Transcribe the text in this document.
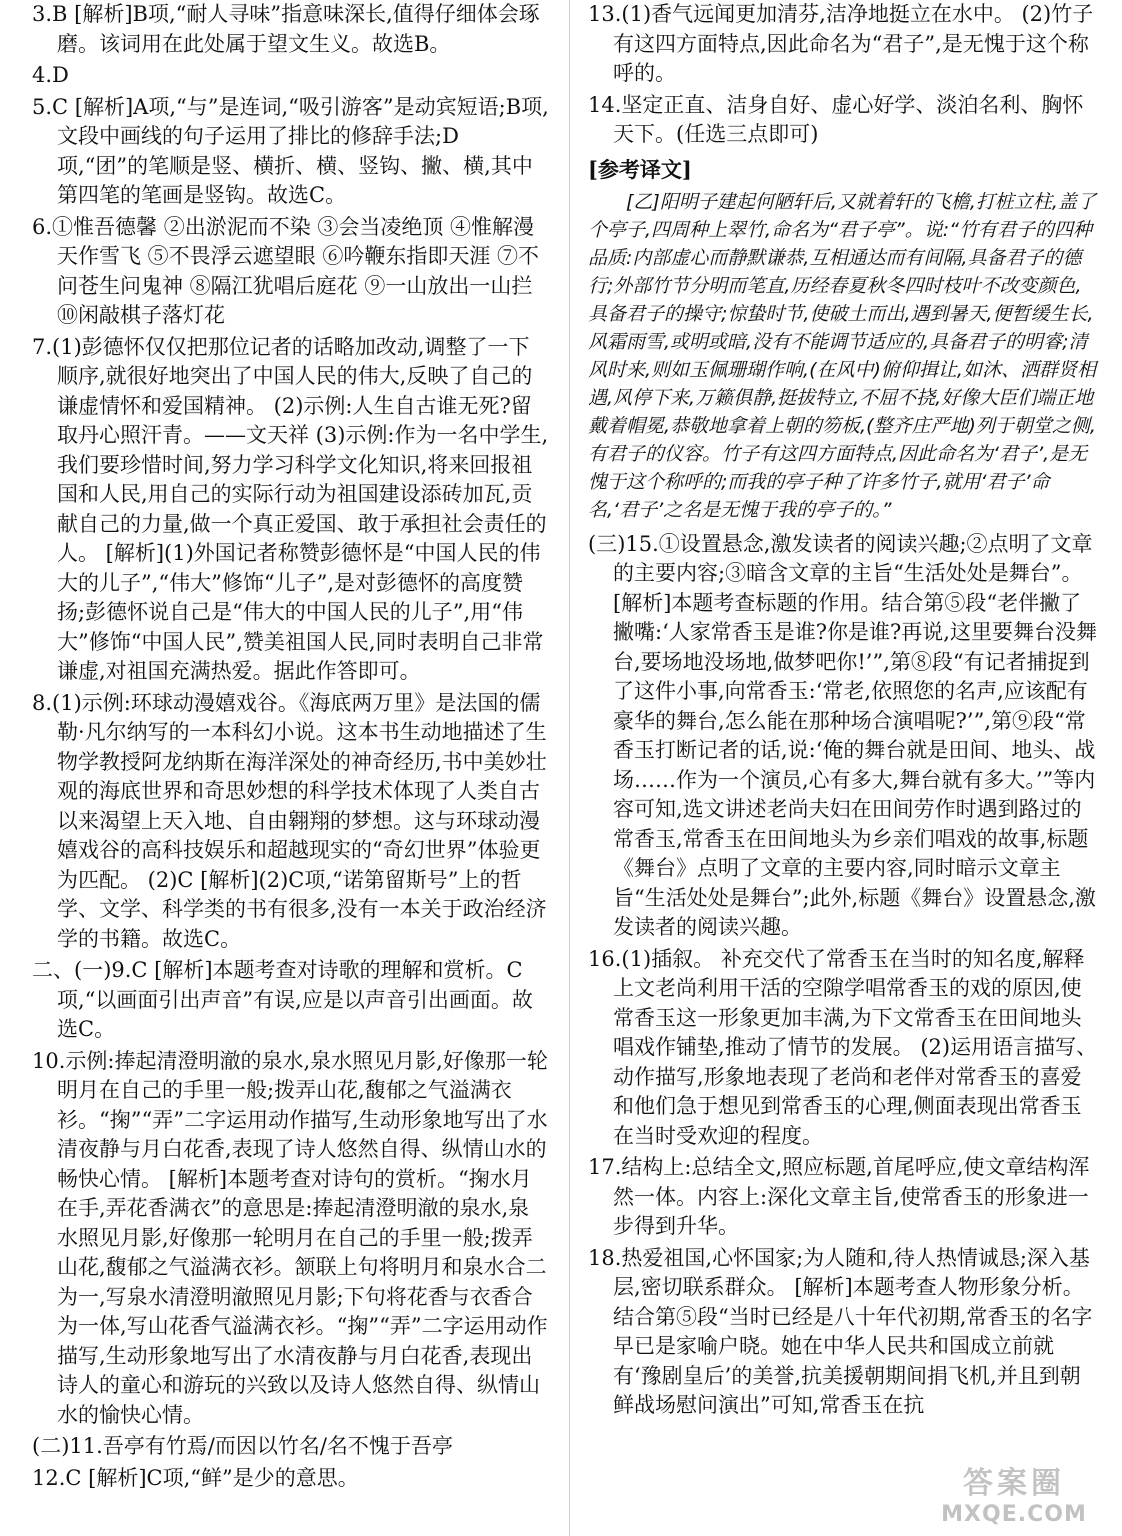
3.B [解析]B项,“耐人寻味”指意味深长,值得仔细体会琢磨。该词用在此处属于望文生义。故选B。

4.D

5.C [解析]A项,“与”是连词,“吸引游客”是动宾短语;B项,文段中画线的句子运用了排比的修辞手法;D项,“团”的笔顺是竖、横折、横、竖钩、撇、横,其中第四笔的笔画是竖钩。故选C。

6.①惟吾德馨 ②出淤泥而不染 ③会当凌绝顶 ④惟解漫天作雪飞 ⑤不畏浮云遮望眼 ⑥吟鞭东指即天涯 ⑦不问苍生问鬼神 ⑧隔江犹唱后庭花 ⑨一山放出一山拦 ⑩闲敲棋子落灯花

7.(1)彭德怀仅仅把那位记者的话略加改动,调整了一下顺序,就很好地突出了中国人民的伟大,反映了自己的谦虚情怀和爱国精神。 (2)示例:人生自古谁无死?留取丹心照汗青。——文天祥 (3)示例:作为一名中学生,我们要珍惜时间,努力学习科学文化知识,将来回报祖国和人民,用自己的实际行动为祖国建设添砖加瓦,贡献自己的力量,做一个真正爱国、敢于承担社会责任的人。 [解析](1)外国记者称赞彭德怀是“中国人民的伟大的儿子”,“伟大”修饰“儿子”,是对彭德怀的高度赞扬;彭德怀说自己是“伟大的中国人民的儿子”,用“伟大”修饰“中国人民”,赞美祖国人民,同时表明自己非常谦虚,对祖国充满热爱。据此作答即可。

8.(1)示例:环球动漫嬉戏谷。《海底两万里》是法国的儒勒·凡尔纳写的一本科幻小说。这本书生动地描述了生物学教授阿龙纳斯在海洋深处的神奇经历,书中美妙壮观的海底世界和奇思妙想的科学技术体现了人类自古以来渴望上天入地、自由翱翔的梦想。这与环球动漫嬉戏谷的高科技娱乐和超越现实的“奇幻世界”体验更为匹配。 (2)C [解析](2)C项,“诺第留斯号”上的哲学、文学、科学类的书有很多,没有一本关于政治经济学的书籍。故选C。

二、(一)9.C [解析]本题考查对诗歌的理解和赏析。C项,“以画面引出声音”有误,应是以声音引出画面。故选C。

10.示例:捧起清澄明澈的泉水,泉水照见月影,好像那一轮明月在自己的手里一般;拨弄山花,馥郁之气溢满衣衫。“掬”“弄”二字运用动作描写,生动形象地写出了水清夜静与月白花香,表现了诗人悠然自得、纵情山水的畅快心情。 [解析]本题考查对诗句的赏析。“掬水月在手,弄花香满衣”的意思是:捧起清澄明澈的泉水,泉水照见月影,好像那一轮明月在自己的手里一般;拨弄山花,馥郁之气溢满衣衫。颔联上句将明月和泉水合二为一,写泉水清澄明澈照见月影;下句将花香与衣香合为一体,写山花香气溢满衣衫。“掬”“弄”二字运用动作描写,生动形象地写出了水清夜静与月白花香,表现出诗人的童心和游玩的兴致以及诗人悠然自得、纵情山水的愉快心情。

(二)11.吾亭有竹焉/而因以竹名/名不愧于吾亭

12.C [解析]C项,“鲜”是少的意思。

13.(1)香气远闻更加清芬,洁净地挺立在水中。 (2)竹子有这四方面特点,因此命名为“君子”,是无愧于这个称呼的。

14.坚定正直、洁身自好、虚心好学、淡泊名利、胸怀天下。(任选三点即可)

[参考译文]

[乙]阳明子建起何陋轩后,又就着轩的飞檐,打桩立柱,盖了个亭子,四周种上翠竹,命名为“君子亭”。说:“竹有君子的四种品质:内部虚心而静默谦恭,互相通达而有间隔,具备君子的德行;外部竹节分明而笔直,历经春夏秋冬四时枝叶不改变颜色,具备君子的操守;惊蛰时节,使破土而出,遇到暑天,便暂缓生长,风霜雨雪,或明或暗,没有不能调节适应的,具备君子的明睿;清风时来,则如玉佩珊瑚作响,(在风中)俯仰揖让,如沐、洒群贤相遇,风停下来,万籁俱静,挺拔特立,不屈不挠,好像大臣们端正地戴着帽冕,恭敬地拿着上朝的笏板,(整齐庄严地)列于朝堂之侧,有君子的仪容。竹子有这四方面特点,因此命名为‘君子’,是无愧于这个称呼的;而我的亭子种了许多竹子,就用‘君子’命名,‘君子’之名是无愧于我的亭子的。”

(三)15.①设置悬念,激发读者的阅读兴趣;②点明了文章的主要内容;③暗含文章的主旨“生活处处是舞台”。 [解析]本题考查标题的作用。结合第⑤段“老伴撇了撇嘴:‘人家常香玉是谁?你是谁?再说,这里要舞台没舞台,要场地没场地,做梦吧你!’”,第⑧段“有记者捕捉到了这件小事,向常香玉:‘常老,依照您的名声,应该配有豪华的舞台,怎么能在那种场合演唱呢?’”,第⑨段“常香玉打断记者的话,说:‘俺的舞台就是田间、地头、战场……作为一个演员,心有多大,舞台就有多大。’”等内容可知,选文讲述老尚夫妇在田间劳作时遇到路过的常香玉,常香玉在田间地头为乡亲们唱戏的故事,标题《舞台》点明了文章的主要内容,同时暗示文章主旨“生活处处是舞台”;此外,标题《舞台》设置悬念,激发读者的阅读兴趣。

16.(1)插叙。 补充交代了常香玉在当时的知名度,解释上文老尚利用干活的空隙学唱常香玉的戏的原因,使常香玉这一形象更加丰满,为下文常香玉在田间地头唱戏作铺垫,推动了情节的发展。 (2)运用语言描写、动作描写,形象地表现了老尚和老伴对常香玉的喜爱和他们急于想见到常香玉的心理,侧面表现出常香玉在当时受欢迎的程度。

17.结构上:总结全文,照应标题,首尾呼应,使文章结构浑然一体。内容上:深化文章主旨,使常香玉的形象进一步得到升华。

18.热爱祖国,心怀国家;为人随和,待人热情诚恳;深入基层,密切联系群众。 [解析]本题考查人物形象分析。结合第⑤段“当时已经是八十年代初期,常香玉的名字早已是家喻户晓。她在中华人民共和国成立前就有‘豫剧皇后’的美誉,抗美援朝期间捐飞机,并且到朝鲜战场慰问演出”可知,常香玉在抗

答案圈
MXQE.COM
